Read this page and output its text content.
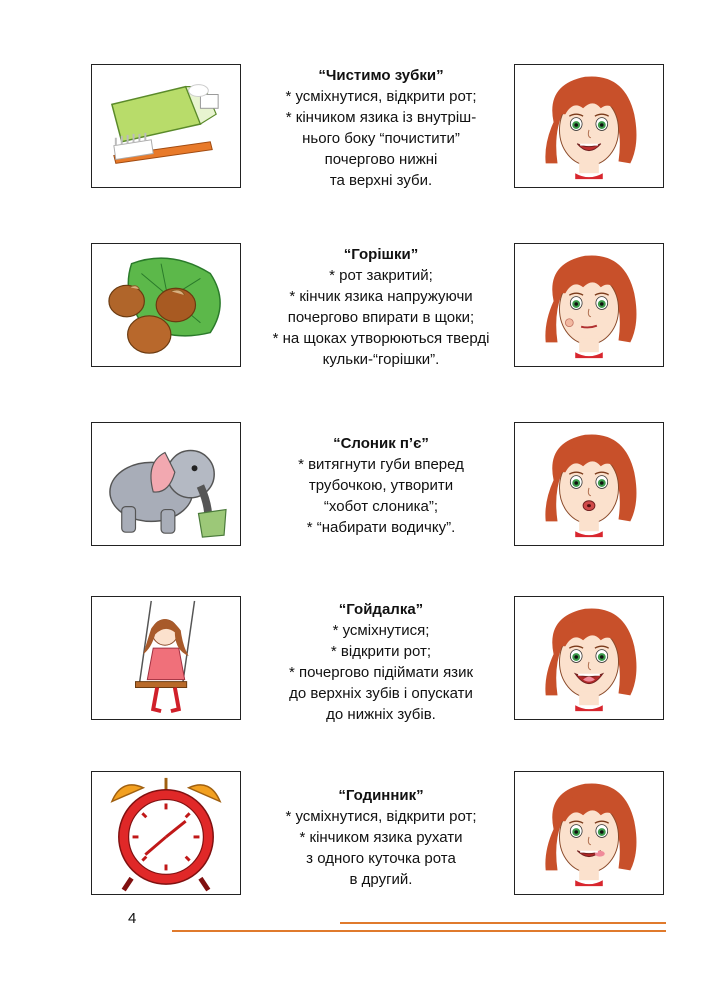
“Чистимо зубки”
* усміхнутися, відкрити рот;
* кінчиком язика із внутріш-
нього боку “почистити”
почергово нижні
та верхні зуби.
“Горішки”
* рот закритий;
* кінчик язика напружуючи
почергово впирати в щоки;
* на щоках утворюються тверді
кульки-“горішки”.
“Слоник п’є”
* витягнути губи вперед
трубочкою, утворити
“хобот слоника”;
* “набирати водичку”.
“Гойдалка”
* усміхнутися;
* відкрити рот;
* почергово підіймати язик
до верхніх зубів і опускати
до нижніх зубів.
“Годинник”
* усміхнутися, відкрити рот;
* кінчиком язика рухати
з одного куточка рота
в другий.
4
